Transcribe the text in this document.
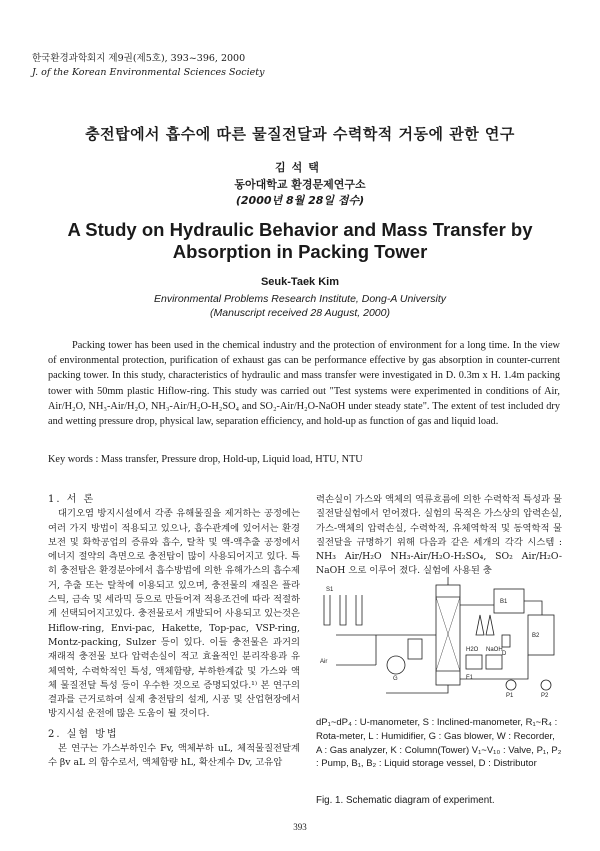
한국환경과학회지 제9권(제5호), 393~396, 2000
J. of the Korean Environmental Sciences Society
충전탑에서 흡수에 따른 물질전달과 수력학적 거동에 관한 연구
김석택
동아대학교 환경문제연구소
(2000년 8월 28일 접수)
A Study on Hydraulic Behavior and Mass Transfer by
Absorption in Packing Tower
Seuk-Taek Kim
Environmental Problems Research Institute, Dong-A University
(Manuscript received 28 August, 2000)

Packing tower has been used in the chemical industry and the protection of environment for a long time. In the view of environmental protection, purification of exhaust gas can be performance effective by gas absorption in counter-current packing tower. In this study, characteristics of hydraulic and mass transfer were investigated in D. 0.3m x H. 1.4m packing tower with 50mm plastic Hiflow-ring. This study was carried out "Test systems were experimented in conditions of Air, Air/H₂O, NH₃-Air/H₂O, NH₃-Air/H₂O-H₂SO₄ and SO₂-Air/H₂O-NaOH under steady state". The extent of test included dry and wetting pressure drop, physical law, separation efficiency, and hold-up as function of gas and liquid load.

Key words : Mass transfer, Pressure drop, Hold-up, Liquid load, HTU, NTU
1. 서 론

대기오염 방지시설에서 각종 유해물질을 제거하는 공정에는 여러 가지 방법이 적용되고 있으나, 흡수관계에 있어서는 환경보전 및 화학공업의 증류와 흡수, 탈착 및 액-액추출 공정에서 에너지 절약의 측면으로 충전탑이 많이 사용되어지고 있다. 특히 충전탑은 환경분야에서 흡수방법에 의한 유해가스의 흡수제거, 추출 또는 탈착에 이용되고 있으며, 충전물의 재질은 플라스틱, 금속 및 세라믹 등으로 만들어져 적용조건에 따라 적절하게 선택되어지고있다. 충전물로서 개발되어 사용되고 있는것은 Hiflow-ring, Envi-pac, Hakette, Top-pac, VSP-ring, Montz-packing, Sulzer 등이 있다. 이들 충전물은 과거의 재래적 충전물 보다 압력손실이 적고 효율적인 분리작용과 유체역학, 수력학적인 특성, 액체함량, 부하한계값 및 가스와 액체 물질전달 특성 등이 우수한 것으로 증명되었다.¹⁾ 본 연구의 결과를 근거로하여 실제 충전탑의 설계, 시공 및 산업현장에서 방지시설 운전에 많은 도움이 될 것이다.

2. 실험 방법

본 연구는 가스부하인수 Fv, 액체부하 uL, 체적물질전달계수 βv aL 의 함수로서, 액체함량 hL, 확산계수 Dv, 고유압

력손실이 가스와 액체의 역류흐름에 의한 수력학적 특성과 물질전달실험에서 얻어졌다. 실험의 목적은 가스상의 압력손실, 가스-액체의 압력손실, 수력학적, 유체역학적 및 동역학적 물질전달을 규명하기 위해 다음과 같은 세개의 각각 시스템 : NH₃ Air/H₂O NH₃-Air/H₂O-H₂SO₄, SO₂ Air/H₂O-NaOH 으로 이루어 졌다. 실험에 사용된 충

B1
B2
G
S1
D
F1
P1	P2
H2O NaOH
Air
dP₁~dP₄ : U-manometer, S : Inclined-manometer, R₁~R₄ : Rota-meter, L : Humidifier, G : Gas blower, W : Recorder, A : Gas analyzer, K : Column(Tower) V₁~V₁₀ : Valve, P₁, P₂ : Pump, B₁, B₂ : Liquid storage vessel, D : Distributor
Fig. 1. Schematic diagram of experiment.
393
